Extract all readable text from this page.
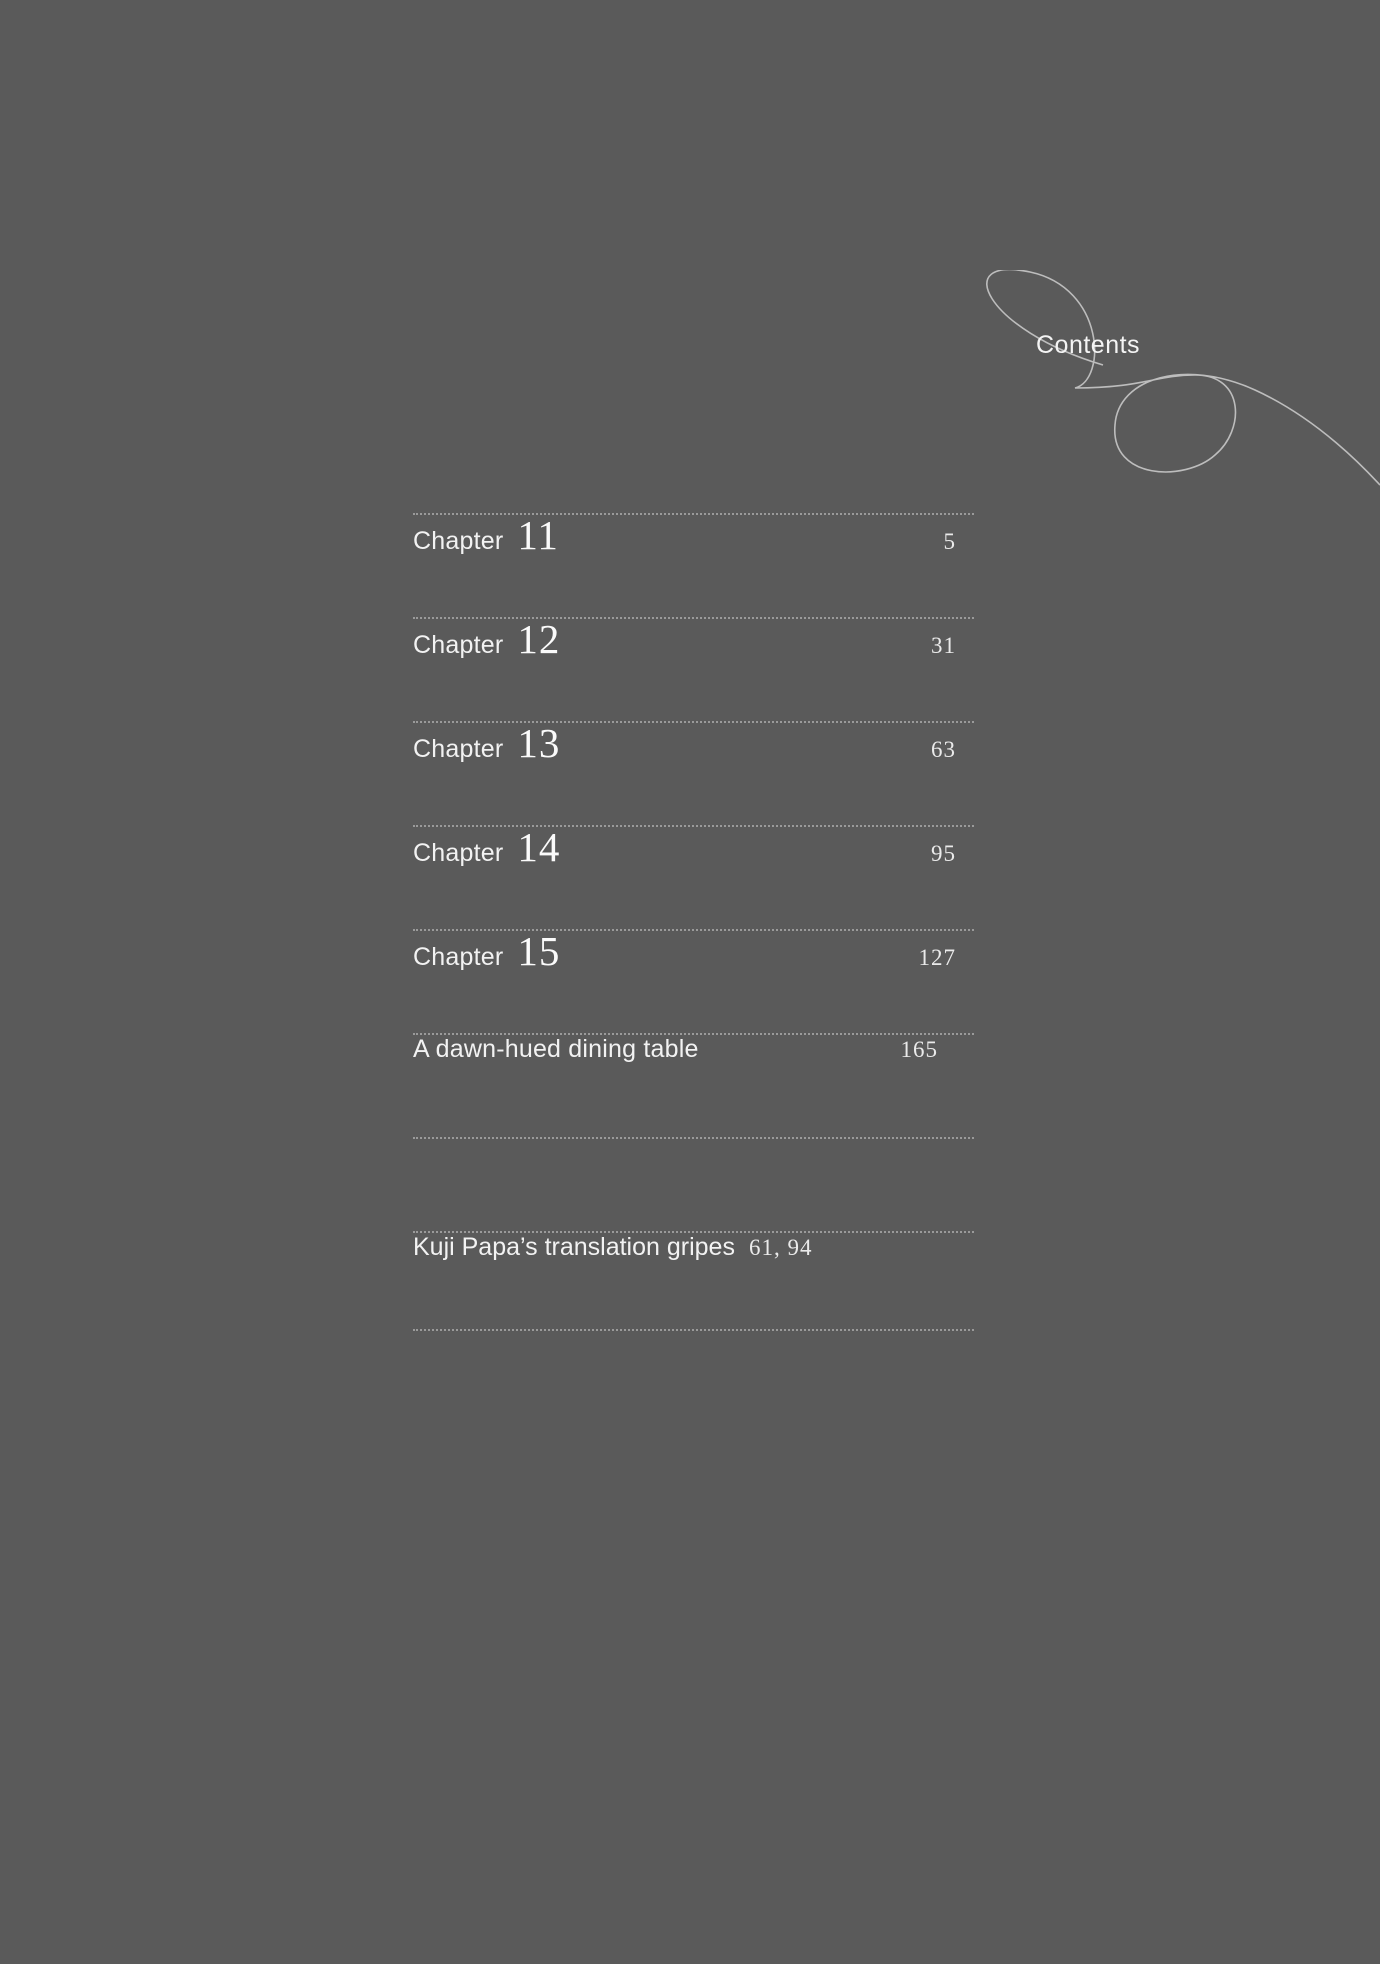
Contents
Chapter 11	5
Chapter 12	31
Chapter 13	63
Chapter 14	95
Chapter 15	127
A dawn-hued dining table	165
Kuji Papa’s translation gripes 61, 94
